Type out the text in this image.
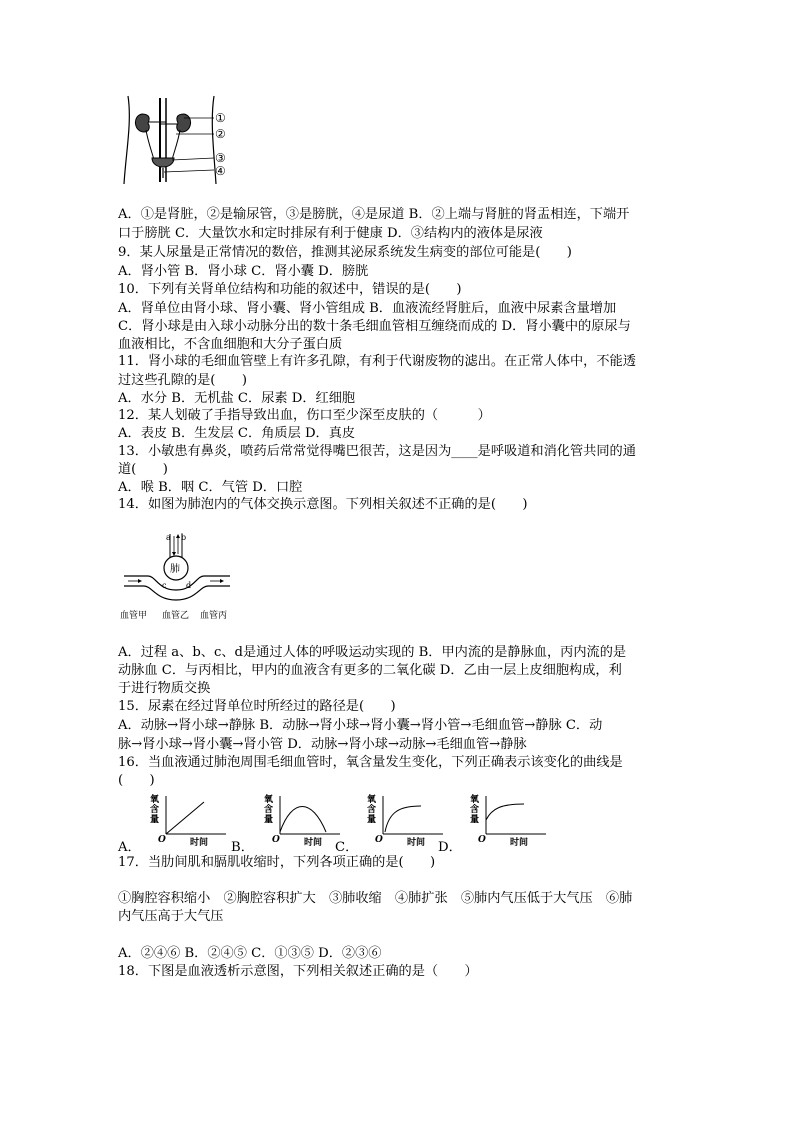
①
②
③
④
A．①是肾脏，②是输尿管，③是膀胱，④是尿道 B．②上端与肾脏的肾盂相连，下端开
口于膀胱 C．大量饮水和定时排尿有利于健康 D．③结构内的液体是尿液
9．某人尿量是正常情况的数倍，推测其泌尿系统发生病变的部位可能是(　　)
A．肾小管 B．肾小球 C．肾小囊 D．膀胱
10．下列有关肾单位结构和功能的叙述中，错误的是(　　)
A．肾单位由肾小球、肾小囊、肾小管组成 B．血液流经肾脏后，血液中尿素含量增加
C．肾小球是由入球小动脉分出的数十条毛细血管相互缠绕而成的 D．肾小囊中的原尿与
血液相比，不含血细胞和大分子蛋白质
11．肾小球的毛细血管壁上有许多孔隙，有利于代谢废物的滤出。在正常人体中，不能透
过这些孔隙的是(　　)
A．水分 B．无机盐 C．尿素 D．红细胞
12．某人划破了手指导致出血，伤口至少深至皮肤的（　　　）
A．表皮 B．生发层 C．角质层 D．真皮
13．小敏患有鼻炎，喷药后常常觉得嘴巴很苦，这是因为____是呼吸道和消化管共同的通
道(　　)
A．喉 B．咽 C．气管 D．口腔
14．如图为肺泡内的气体交换示意图。下列相关叙述不正确的是(　　)
a b
肺
c d
血管甲 血管乙 血管丙
A．过程 a、b、c、d是通过人体的呼吸运动实现的 B．甲内流的是静脉血，丙内流的是
动脉血 C．与丙相比，甲内的血液含有更多的二氧化碳 D．乙由一层上皮细胞构成，利
于进行物质交换
15．尿素在经过肾单位时所经过的路径是(　　)
A．动脉→肾小球→静脉 B．动脉→肾小球→肾小囊→肾小管→毛细血管→静脉 C．动
脉→肾小球→肾小囊→肾小管 D．动脉→肾小球→动脉→毛细血管→静脉
16．当血液通过肺泡周围毛细血管时，氧含量发生变化，下列正确表示该变化的曲线是
(　　)
A．	B．	C．	D．
氧
含
量
O	时间
氧
含
量
O	时间
氧
含
量
O	时间
氧
含
量
O	时间
17．当肋间肌和膈肌收缩时，下列各项正确的是(　　)
①胸腔容积缩小　②胸腔容积扩大　③肺收缩　④肺扩张　⑤肺内气压低于大气压　⑥肺
内气压高于大气压
A．②④⑥ B．②④⑤ C．①③⑤ D．②③⑥
18．下图是血液透析示意图，下列相关叙述正确的是（　　）
